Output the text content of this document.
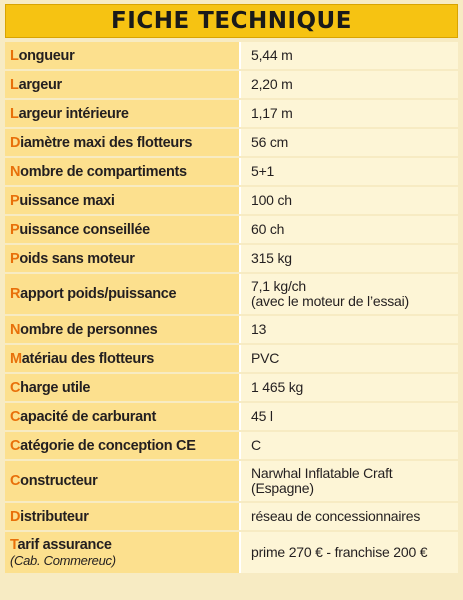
FICHE TECHNIQUE
Longueur	5,44 m
Largeur	2,20 m
Largeur intérieure	1,17 m
Diamètre maxi des flotteurs	56 cm
Nombre de compartiments	5+1
Puissance maxi	100 ch
Puissance conseillée	60 ch
Poids sans moteur	315 kg
Rapport poids/puissance	7,1 kg/ch
(avec le moteur de l’essai)
Nombre de personnes	13
Matériau des flotteurs	PVC
Charge utile	1 465 kg
Capacité de carburant	45 l
Catégorie de conception CE	C
Constructeur	Narwhal Inflatable Craft
(Espagne)
Distributeur	réseau de concessionnaires
Tarif assurance
(Cab. Commereuc)	prime 270 € - franchise 200 €
